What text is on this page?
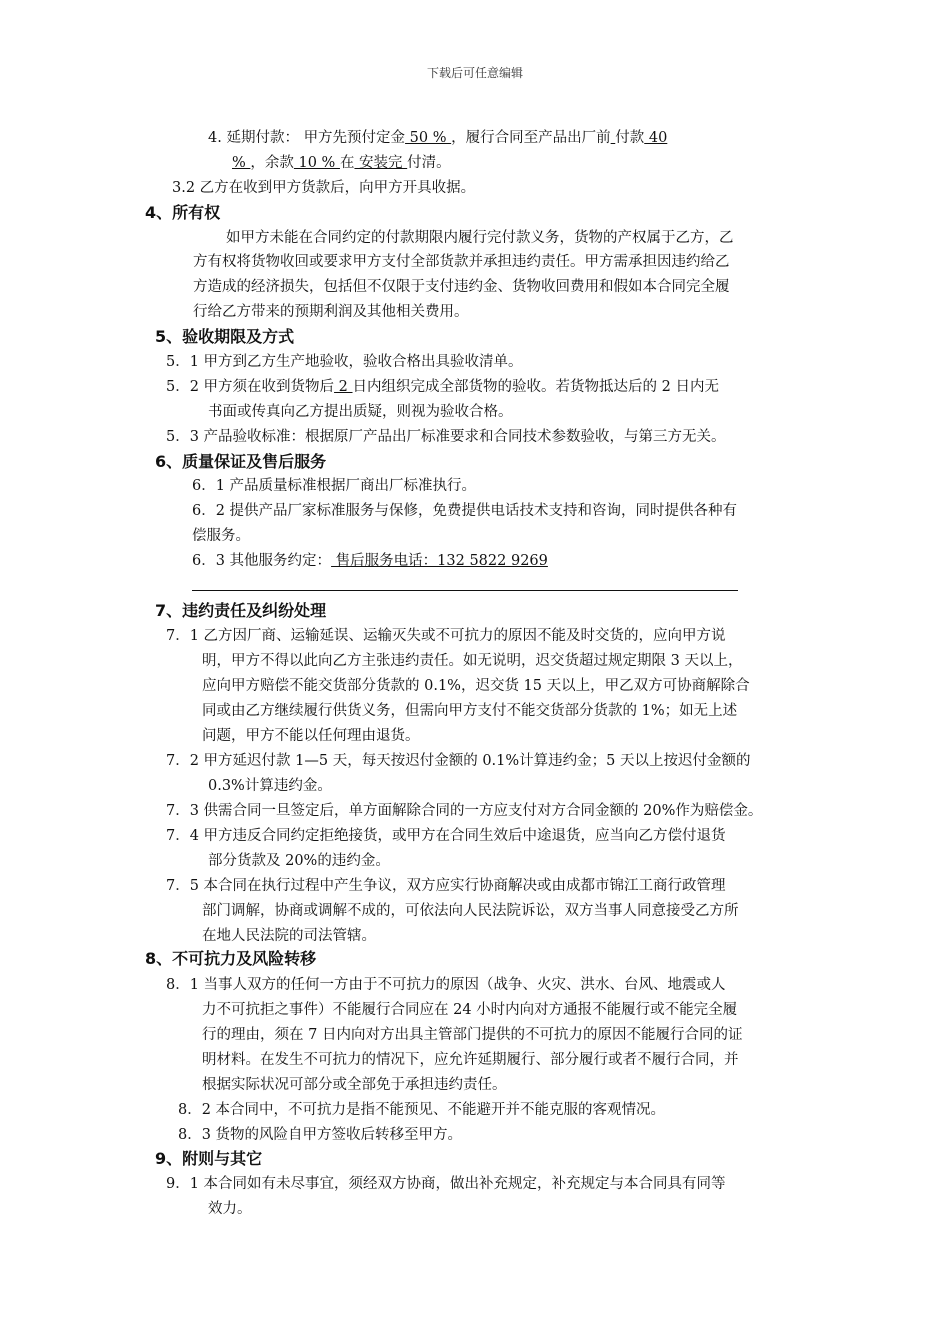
下载后可任意编辑
4. 延期付款： 甲方先预付定金 50 % ，履行合同至产品出厂前 付款 40
% ，余款 10 % 在 安装完 付清。
3.2 乙方在收到甲方货款后，向甲方开具收据。
4、所有权
如甲方未能在合同约定的付款期限内履行完付款义务，货物的产权属于乙方，乙
方有权将货物收回或要求甲方支付全部货款并承担违约责任。甲方需承担因违约给乙
方造成的经济损失，包括但不仅限于支付违约金、货物收回费用和假如本合同完全履
行给乙方带来的预期利润及其他相关费用。
5、验收期限及方式
5．1 甲方到乙方生产地验收，验收合格出具验收清单。
5．2 甲方须在收到货物后 2 日内组织完成全部货物的验收。若货物抵达后的 2 日内无
书面或传真向乙方提出质疑，则视为验收合格。
5．3 产品验收标准：根据原厂产品出厂标准要求和合同技术参数验收，与第三方无关。
6、质量保证及售后服务
6．1 产品质量标准根据厂商出厂标准执行。
6．2 提供产品厂家标准服务与保修，免费提供电话技术支持和咨询，同时提供各种有
偿服务。
6．3 其他服务约定： 售后服务电话：132 5822 9269
7、违约责任及纠纷处理
7．1 乙方因厂商、运输延误、运输灭失或不可抗力的原因不能及时交货的，应向甲方说
明，甲方不得以此向乙方主张违约责任。如无说明，迟交货超过规定期限 3 天以上，
应向甲方赔偿不能交货部分货款的 0.1%，迟交货 15 天以上，甲乙双方可协商解除合
同或由乙方继续履行供货义务，但需向甲方支付不能交货部分货款的 1%；如无上述
问题，甲方不能以任何理由退货。
7．2 甲方延迟付款 1—5 天，每天按迟付金额的 0.1%计算违约金；5 天以上按迟付金额的
0.3%计算违约金。
7．3 供需合同一旦签定后，单方面解除合同的一方应支付对方合同金额的 20%作为赔偿金。
7．4 甲方违反合同约定拒绝接货，或甲方在合同生效后中途退货，应当向乙方偿付退货
部分货款及 20%的违约金。
7．5 本合同在执行过程中产生争议，双方应实行协商解决或由成都市锦江工商行政管理
部门调解，协商或调解不成的，可依法向人民法院诉讼，双方当事人同意接受乙方所
在地人民法院的司法管辖。
8、不可抗力及风险转移
8．1 当事人双方的任何一方由于不可抗力的原因（战争、火灾、洪水、台风、地震或人
力不可抗拒之事件）不能履行合同应在 24 小时内向对方通报不能履行或不能完全履
行的理由，须在 7 日内向对方出具主管部门提供的不可抗力的原因不能履行合同的证
明材料。在发生不可抗力的情况下，应允许延期履行、部分履行或者不履行合同，并
根据实际状况可部分或全部免于承担违约责任。
8．2 本合同中，不可抗力是指不能预见、不能避开并不能克服的客观情况。
8．3 货物的风险自甲方签收后转移至甲方。
9、附则与其它
9．1 本合同如有未尽事宜，须经双方协商，做出补充规定，补充规定与本合同具有同等
效力。
